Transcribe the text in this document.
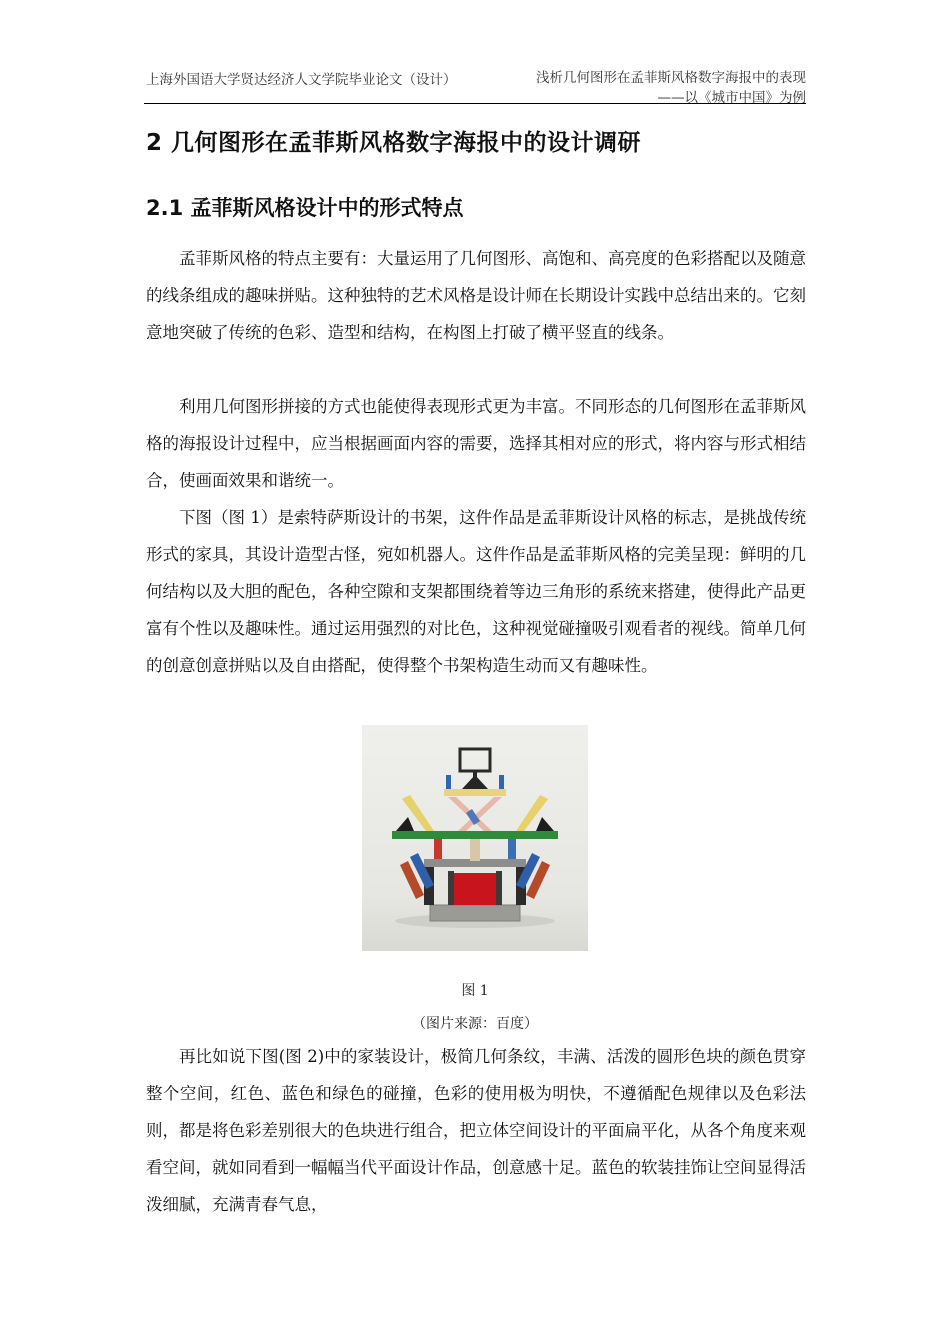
上海外国语大学贤达经济人文学院毕业论文（设计）	浅析几何图形在孟菲斯风格数字海报中的表现
——以《城市中国》为例
2 几何图形在孟菲斯风格数字海报中的设计调研
2.1 孟菲斯风格设计中的形式特点

孟菲斯风格的特点主要有：大量运用了几何图形、高饱和、高亮度的色彩搭配以及随意的线条组成的趣味拼贴。这种独特的艺术风格是设计师在长期设计实践中总结出来的。它刻意地突破了传统的色彩、造型和结构，在构图上打破了横平竖直的线条。

利用几何图形拼接的方式也能使得表现形式更为丰富。不同形态的几何图形在孟菲斯风格的海报设计过程中，应当根据画面内容的需要，选择其相对应的形式，将内容与形式相结合，使画面效果和谐统一。

下图（图 1）是索特萨斯设计的书架，这件作品是孟菲斯设计风格的标志，是挑战传统形式的家具，其设计造型古怪，宛如机器人。这件作品是孟菲斯风格的完美呈现：鲜明的几何结构以及大胆的配色，各种空隙和支架都围绕着等边三角形的系统来搭建，使得此产品更富有个性以及趣味性。通过运用强烈的对比色，这种视觉碰撞吸引观看者的视线。简单几何的创意创意拼贴以及自由搭配，使得整个书架构造生动而又有趣味性。

图 1
（图片来源：百度）

再比如说下图(图 2)中的家装设计，极简几何条纹，丰满、活泼的圆形色块的颜色贯穿整个空间，红色、蓝色和绿色的碰撞，色彩的使用极为明快，不遵循配色规律以及色彩法则，都是将色彩差别很大的色块进行组合，把立体空间设计的平面扁平化，从各个角度来观看空间，就如同看到一幅幅当代平面设计作品，创意感十足。蓝色的软装挂饰让空间显得活泼细腻，充满青春气息，
